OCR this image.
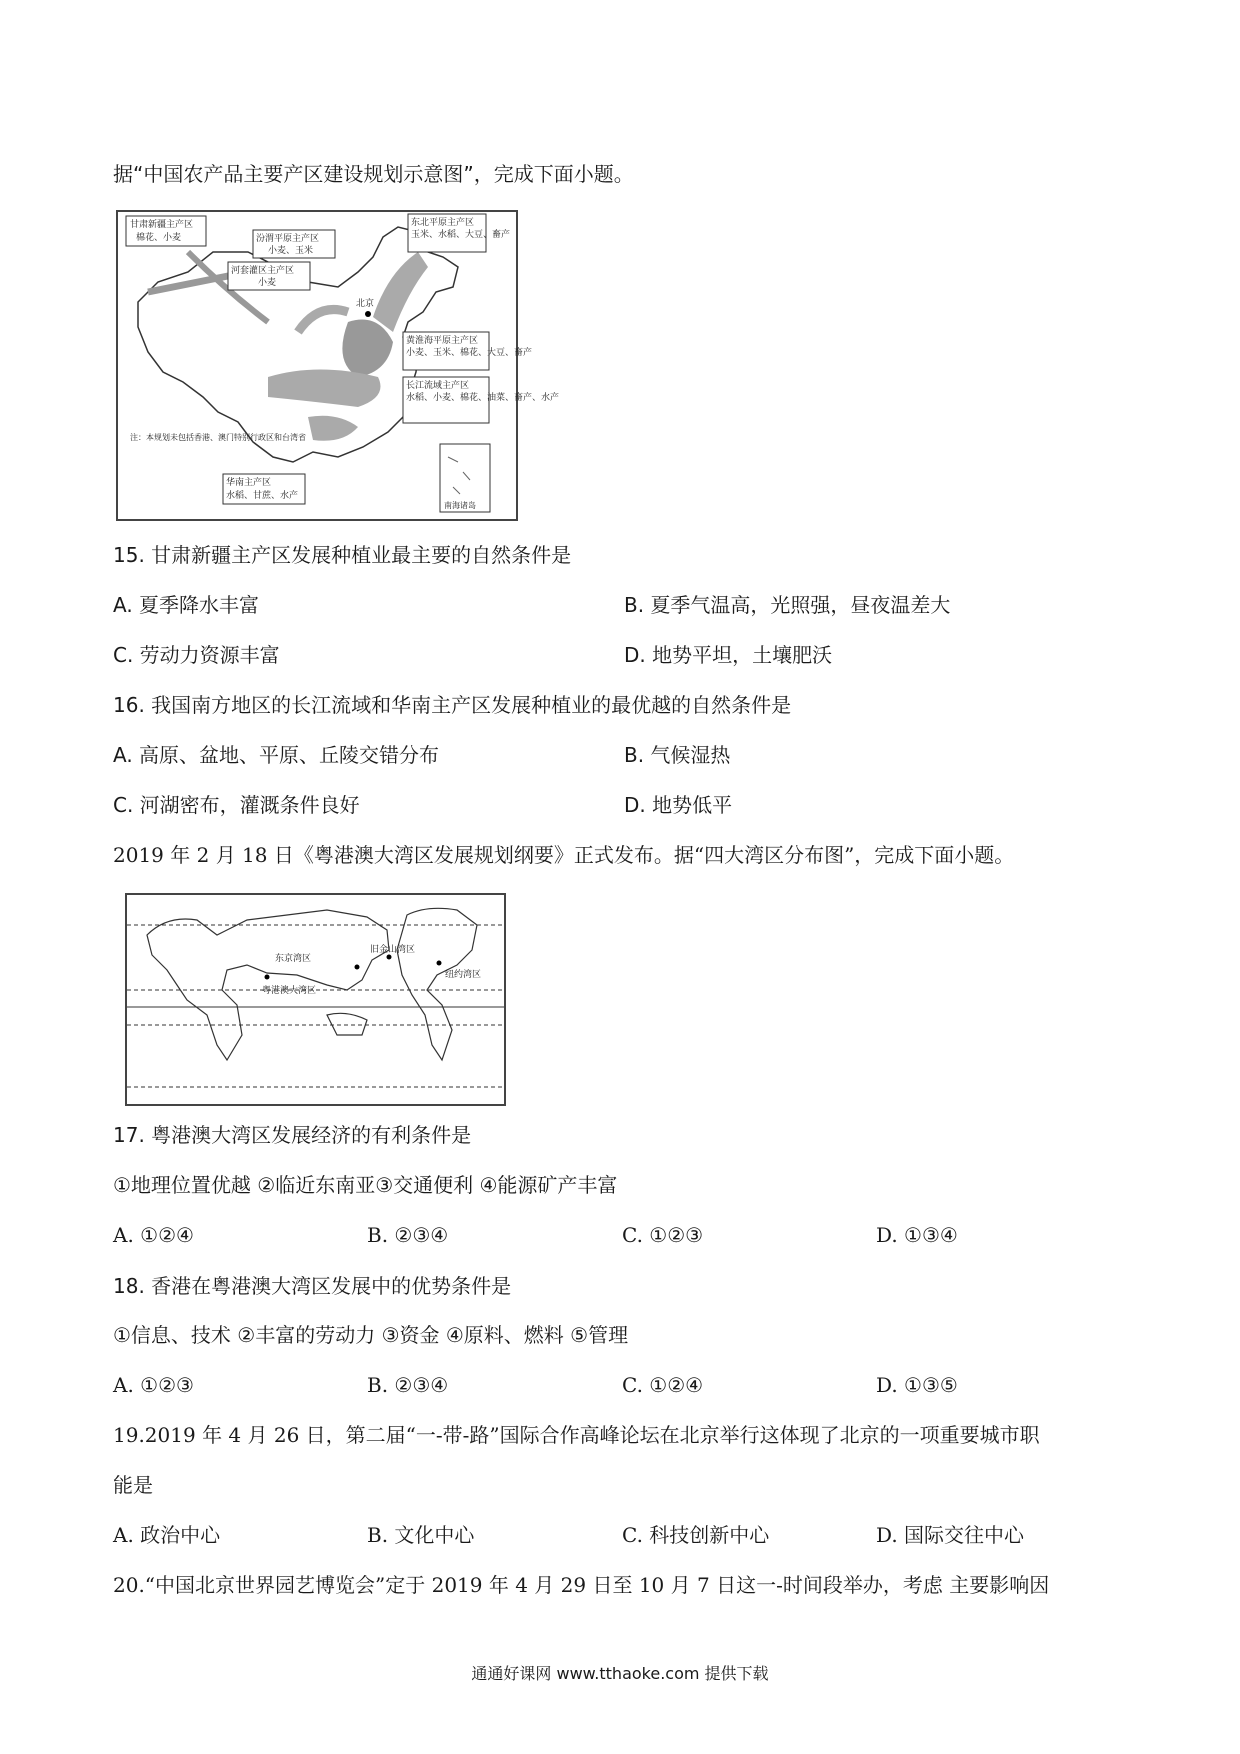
据“中国农产品主要产区建设规划示意图”，完成下面小题。
甘肃新疆主产区
棉花、小麦	汾渭平原主产区
小麦、玉米
河套灌区主产区
小麦
东北平原主产区
玉米、水稻、大豆、畜产
黄淮海平原主产区
小麦、玉米、棉花、大豆、畜产
长江流域主产区
水稻、小麦、棉花、油菜、畜产、水产
华南主产区
水稻、甘蔗、水产
北京
注：本规划未包括香港、澳门特别行政区和台湾省
南海诸岛
15. 甘肃新疆主产区发展种植业最主要的自然条件是
A. 夏季降水丰富	B. 夏季气温高，光照强，昼夜温差大
C. 劳动力资源丰富	D. 地势平坦，土壤肥沃
16. 我国南方地区的长江流域和华南主产区发展种植业的最优越的自然条件是
A. 高原、盆地、平原、丘陵交错分布	B. 气候湿热
C. 河湖密布，灌溉条件良好	D. 地势低平
2019 年 2 月 18 日《粤港澳大湾区发展规划纲要》正式发布。据“四大湾区分布图”，完成下面小题。
旧金山湾区
东京湾区
粤港澳大湾区
纽约湾区
17. 粤港澳大湾区发展经济的有利条件是
①地理位置优越 ②临近东南亚③交通便利 ④能源矿产丰富
A. ①②④	B. ②③④	C. ①②③	D. ①③④
18. 香港在粤港澳大湾区发展中的优势条件是
①信息、技术 ②丰富的劳动力 ③资金 ④原料、燃料 ⑤管理
A. ①②③	B. ②③④	C. ①②④	D. ①③⑤
19.2019 年 4 月 26 日，第二届“一-带-路”国际合作高峰论坛在北京举行这体现了北京的一项重要城市职
能是
A. 政治中心	B. 文化中心	C. 科技创新中心	D. 国际交往中心
20.“中国北京世界园艺博览会”定于 2019 年 4 月 29 日至 10 月 7 日这一-时间段举办，考虑 主要影响因
通通好课网 www.tthaoke.com 提供下载
